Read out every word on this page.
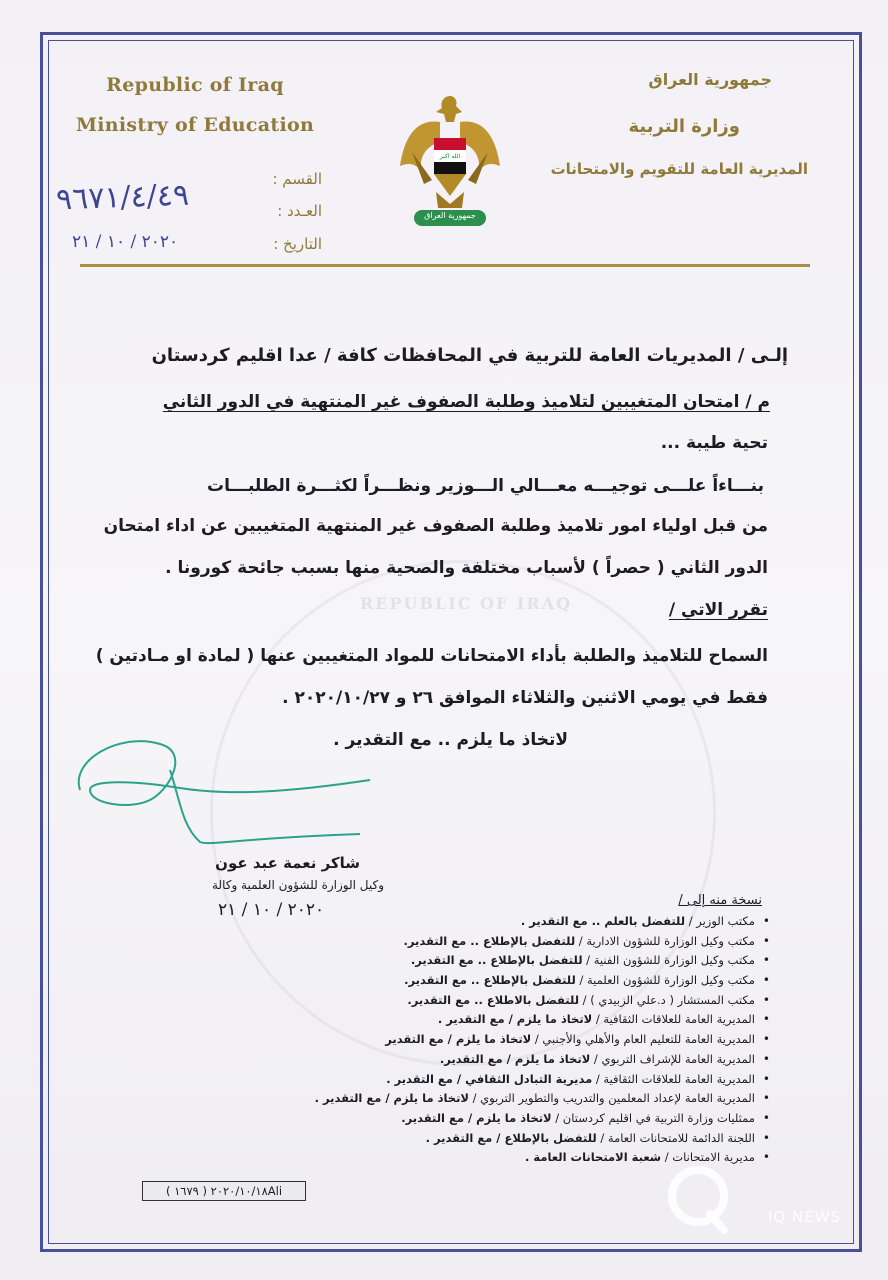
REPUBLIC OF IRAQ
Republic of Iraq
Ministry of Education
جمهورية العراق
وزارة التربية
المديرية العامة للتقويم والامتحانات
الله اكبر
جمهورية العراق
القسم :
العـدد :
التاريخ :
٩٦٧١/٤/٤٩
٢٠٢٠ / ١٠ / ٢١
إلـى / المديريات العامة للتربية في المحافظات كافة / عدا اقليم كردستان
م / امتحان المتغيبين لتلاميذ وطلبة الصفوف غير المنتهية في الدور الثاني
تحية طيبة ...
بنـــاءاً علـــى توجيـــه معـــالي الـــوزير ونظـــراً لكثـــرة الطلبـــات
من قبل اولياء امور تلاميذ وطلبة الصفوف غير المنتهية المتغيبين عن اداء امتحان
الدور الثاني ( حصراً ) لأسباب مختلفة والصحية منها بسبب جائحة كورونا .
تقرر الاتي /
السماح للتلاميذ والطلبة بأداء الامتحانات للمواد المتغيبين عنها ( لمادة او مـادتين )
فقط في يومي الاثنين والثلاثاء الموافق ٢٦ و ٢٠٢٠/١٠/٢٧ .
لاتخاذ ما يلزم .. مع التقدير .
شاكر نعمة عبد عون
وكيل الوزارة للشؤون العلمية وكالة
٢٠٢٠ / ١٠ / ٢١	نسخة منه إلى /
• مكتب الوزير / للتفضل بالعلم .. مع التقدير .
• مكتب وكيل الوزارة للشؤون الادارية / للتفضل بالإطلاع .. مع التقدير.
• مكتب وكيل الوزارة للشؤون الفنية / للتفضل بالإطلاع .. مع التقدير.
• مكتب وكيل الوزارة للشؤون العلمية / للتفضل بالإطلاع .. مع التقدير.
• مكتب المستشار ( د.علي الزبيدي ) / للتفضل بالاطلاع .. مع التقدير.
• المديرية العامة للعلاقات الثقافية / لاتخاذ ما يلزم / مع التقدير .
• المديرية العامة للتعليم العام والأهلي والأجنبي / لاتخاذ ما يلزم / مع التقدير
• المديرية العامة للإشراف التربوي / لاتخاذ ما يلزم / مع التقدير.
• المديرية العامة للعلاقات الثقافية / مديرية التبادل الثقافي / مع التقدير .
• المديرية العامة لإعداد المعلمين والتدريب والتطوير التربوي / لاتخاذ ما يلزم / مع التقدير .
• ممثليات وزارة التربية في اقليم كردستان / لاتخاذ ما يلزم / مع التقدير.
• اللجنة الدائمة للامتحانات العامة / للتفضل بالإطلاع / مع التقدير .
• مديرية الامتحانات / شعبة الامتحانات العامة .
( ١٦٧٩ ) ٢٠٢٠/١٠/١٨Ali
IQ NEWS
